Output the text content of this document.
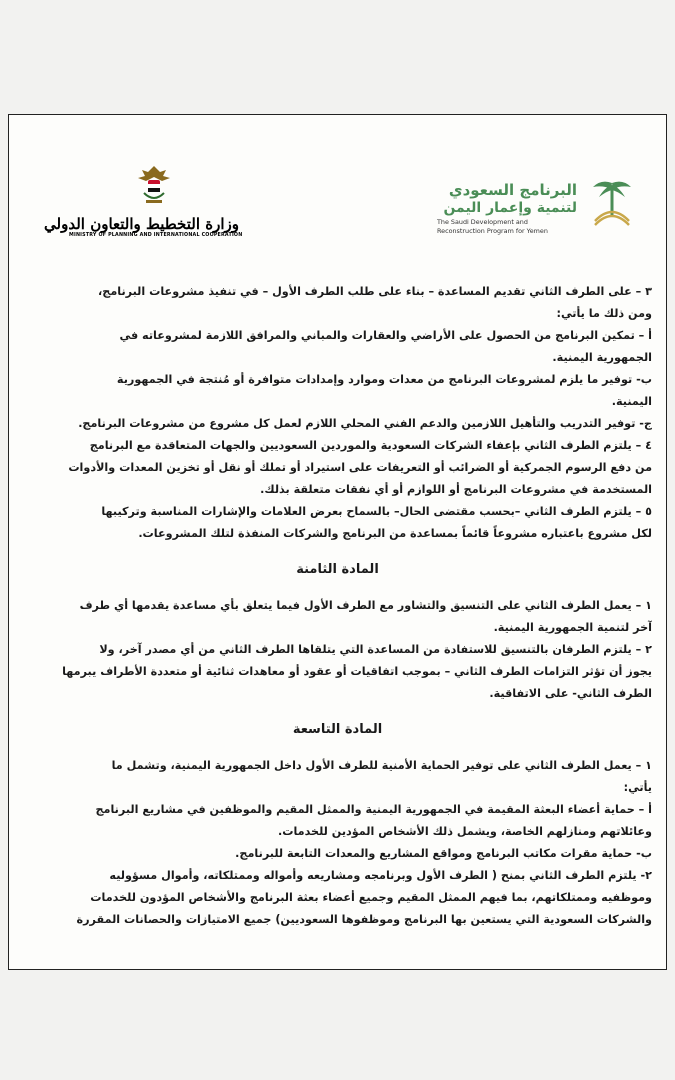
وزارة التخطيط والتعاون الدولي
MINISTRY OF PLANNING AND INTERNATIONAL COOPERATION
البرنامج السعودي
لتنمية وإعمار اليمن
The Saudi Development and
Reconstruction Program for Yemen
٣ – على الطرف الثاني تقديم المساعدة – بناء على طلب الطرف الأول – في تنفيذ مشروعات البرنامج،
ومن ذلك ما يأتي:
أ – تمكين البرنامج من الحصول على الأراضي والعقارات والمباني والمرافق اللازمة لمشروعاته في
الجمهورية اليمنية.
ب- توفير ما يلزم لمشروعات البرنامج من معدات وموارد وإمدادات متوافرة أو مُنتجة في الجمهورية
اليمنية.
ج- توفير التدريب والتأهيل اللازمين والدعم الفني المحلي اللازم لعمل كل مشروع من مشروعات البرنامج.
٤ – يلتزم الطرف الثاني بإعفاء الشركات السعودية والموردين السعوديين والجهات المتعاقدة مع البرنامج
من دفع الرسوم الجمركية أو الضرائب أو التعريفات على استيراد أو تملك أو نقل أو تخزين المعدات والأدوات
المستخدمة في مشروعات البرنامج أو اللوازم أو أي نفقات متعلقة بذلك.
٥ – يلتزم الطرف الثاني –بحسب مقتضى الحال– بالسماح بعرض العلامات والإشارات المناسبة وتركيبها
لكل مشروع باعتباره مشروعاً قائماً بمساعدة من البرنامج والشركات المنفذة لتلك المشروعات.
المادة الثامنة
١ – يعمل الطرف الثاني على التنسيق والتشاور مع الطرف الأول فيما يتعلق بأي مساعدة يقدمها أي طرف
آخر لتنمية الجمهورية اليمنية.
٢ – يلتزم الطرفان بالتنسيق للاستفادة من المساعدة التي يتلقاها الطرف الثاني من أي مصدر آخر، ولا
يجوز أن تؤثر التزامات الطرف الثاني – بموجب اتفاقيات أو عقود أو معاهدات ثنائية أو متعددة الأطراف يبرمها
الطرف الثاني- على الاتفاقية.
المادة التاسعة
١ – يعمل الطرف الثاني على توفير الحماية الأمنية للطرف الأول داخل الجمهورية اليمنية، وتشمل ما
يأتي:
أ – حماية أعضاء البعثة المقيمة في الجمهورية اليمنية والممثل المقيم والموظفين في مشاريع البرنامج
وعائلاتهم ومنازلهم الخاصة، ويشمل ذلك الأشخاص المؤدين للخدمات.
ب- حماية مقرات مكاتب البرنامج ومواقع المشاريع والمعدات التابعة للبرنامج.
٢- يلتزم الطرف الثاني بمنح ( الطرف الأول وبرنامجه ومشاريعه وأمواله وممتلكاته، وأموال مسؤوليه
وموظفيه وممتلكاتهم، بما فيهم الممثل المقيم وجميع أعضاء بعثة البرنامج والأشخاص المؤدون للخدمات
والشركات السعودية التي يستعين بها البرنامج وموظفوها السعوديين) جميع الامتيازات والحصانات المقررة
